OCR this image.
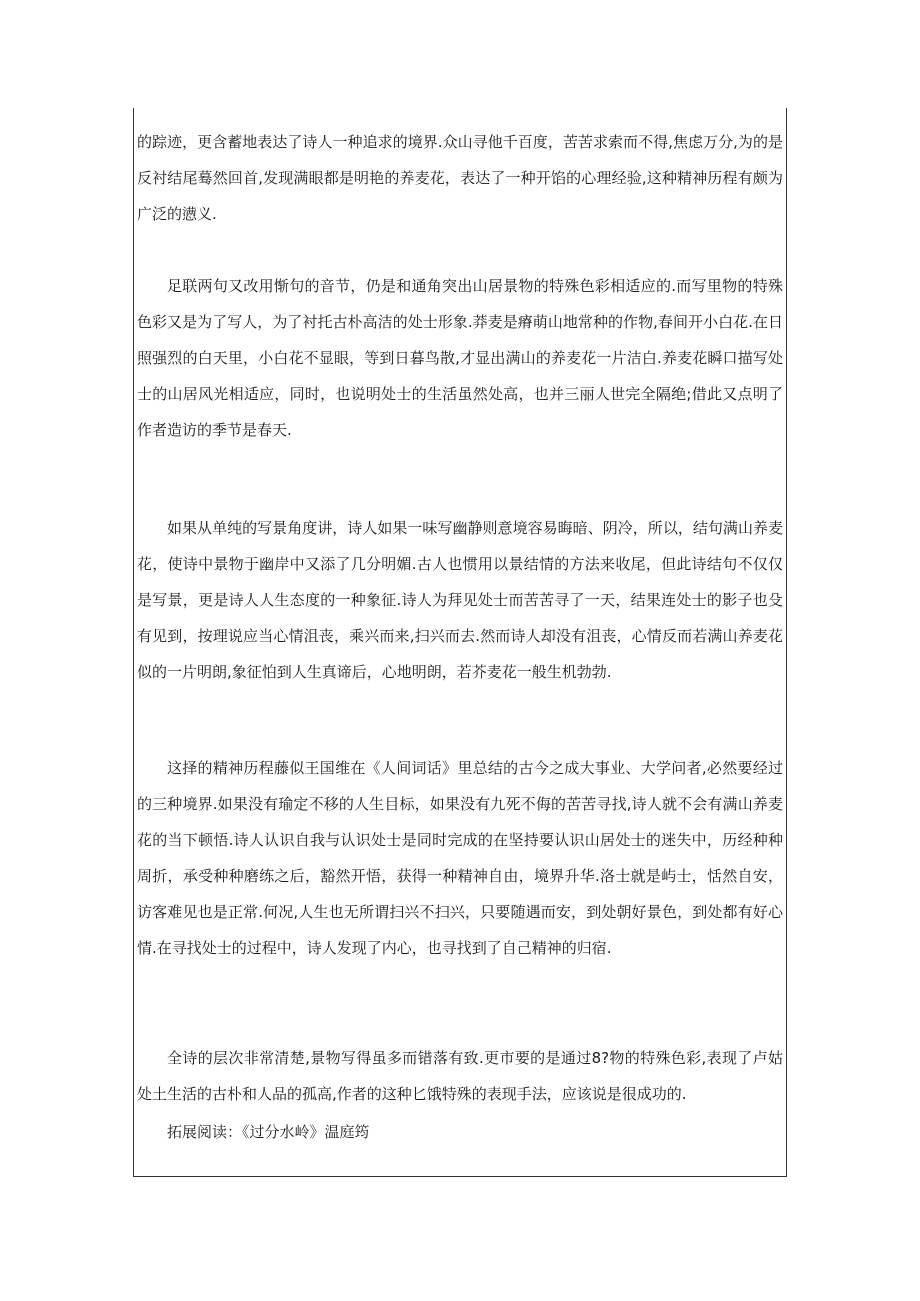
的踪迹，更含蓄地表达了诗人一种追求的境界.众山寻他千百度，苦苦求索而不得,焦虑万分,为的是反衬结尾蓦然回首,发现满眼都是明艳的养麦花，表达了一种开馅的心理经验,这种精神历程有颇为广泛的懑义.

足联两句又改用惭句的音节，仍是和通角突出山居景物的特殊色彩相适应的.而写里物的特殊色彩又是为了写人，为了衬托古朴高洁的处士形象.莽麦是瘠萌山地常种的作物,春间开小白花.在日照强烈的白天里，小白花不显眼，等到日暮鸟散,才显出满山的养麦花一片洁白.养麦花瞬口描写处士的山居风光相适应，同时，也说明处士的生活虽然处高，也并三丽人世完全隔绝;借此又点明了作者造访的季节是春天.

如果从单纯的写景角度讲，诗人如果一味写幽静则意境容易晦暗、阴冷，所以，结句满山养麦花，使诗中景物于幽岸中又添了几分明媚.古人也惯用以景结情的方法来收尾，但此诗结句不仅仅是写景，更是诗人人生态度的一种象征.诗人为拜见处士而苦苦寻了一天，结果连处士的影子也殳有见到，按理说应当心情沮丧，乘兴而来,扫兴而去.然而诗人却没有沮丧，心情反而若满山养麦花似的一片明朗,象征怕到人生真谛后，心地明朗，若芥麦花一般生机勃勃.

这择的精神历程藤似王国维在《人间词话》里总结的古今之成大事业、大学问者,必然要经过的三种境界.如果没有瑜定不移的人生目标，如果没有九死不侮的苦苦寻找,诗人就不会有满山养麦花的当下顿悟.诗人认识自我与认识处士是同时完成的在坚持要认识山居处士的迷失中，历经种种周折，承受种种磨练之后，豁然开悟，获得一种精神自由，境界升华.洛士就是屿士，恬然自安，访客难见也是正常.何况,人生也无所谓扫兴不扫兴，只要随遇而安，到处朝好景色，到处都有好心情.在寻找处士的过程中，诗人发现了内心，也寻找到了自己精神的归宿.

全诗的层次非常清楚,景物写得虽多而错落有致.更市要的是通过8?物的特殊色彩,表现了卢姑处土生活的古朴和人品的孤高,作者的这种匕饿特殊的表现手法，应该说是很成功的.

拓展阅读：《过分水岭》温庭筠
